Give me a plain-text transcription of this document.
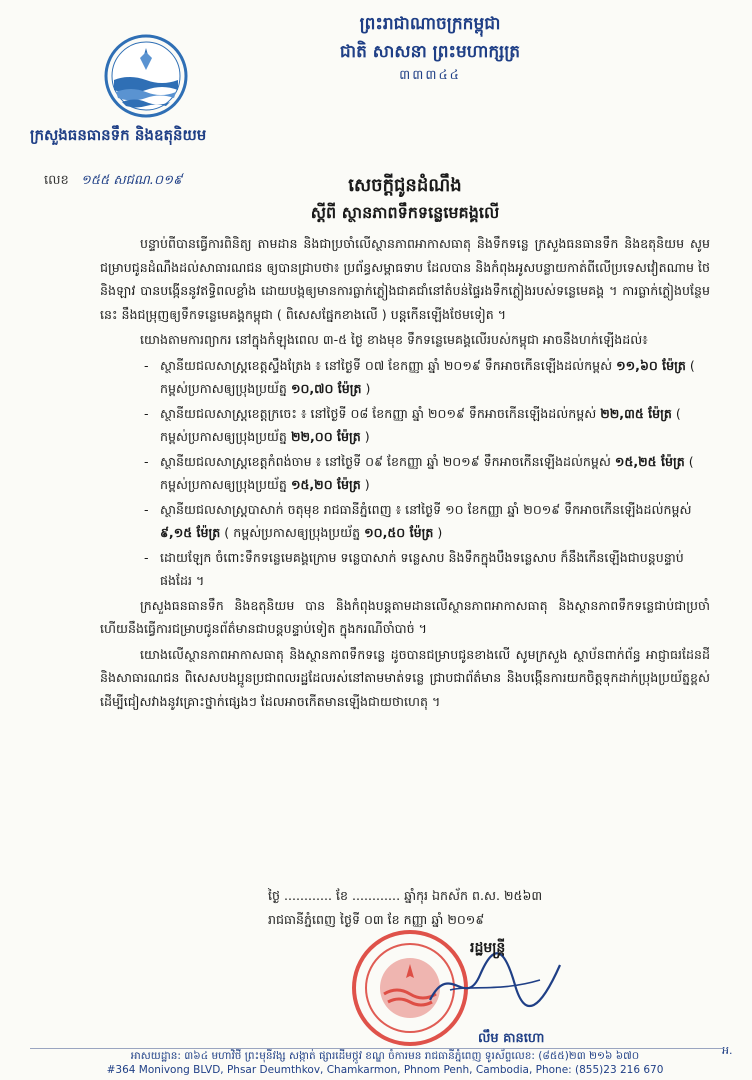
ព្រះរាជាណាចក្រកម្ពុជា
ជាតិ សាសនា ព្រះមហាក្សត្រ
៣៣៣៤៤
ក្រសួងធនធានទឹក និងឧតុនិយម
លេខ ១៥៥ សជណ.០១៩	សេចក្តីជូនដំណឹង
ស្តីពី ស្ថានភាពទឹកទន្លេមេគង្គលើ

បន្ទាប់ពីបានធ្វើការពិនិត្យ តាមដាន និងជាប្រចាំលើស្ថានភាពអាកាសធាតុ និងទឹកទន្លេ ក្រសួងធនធានទឹក និងឧតុនិយម សូមជម្រាបជូនដំណឹងដល់សាធារណជន ឲ្យបានជ្រាបថា៖ ប្រព័ន្ធសម្ពាធទាប ដែលបាន និងកំពុងអូសបន្លាយកាត់ពីលើប្រទេសវៀតណាម ថៃ និងឡាវ បានបង្កើននូវឥទ្ធិពលខ្លាំង ដោយបង្កឲ្យមានការធ្លាក់ភ្លៀងជាគជាំនៅតំបន់ផ្ទៃរងទឹកភ្លៀងរបស់ទន្លេមេគង្គ ។ ការធ្លាក់ភ្លៀងបន្ថែមនេះ នឹងជម្រុញឲ្យទឹកទន្លេមេគង្គកម្ពុជា ( ពិសេសផ្នែកខាងលើ ) បន្តកើនឡើងថែមទៀត ។

យោងតាមការព្យាករ នៅក្នុងកំឡុងពេល ៣-៥ ថ្ងៃ ខាងមុខ ទឹកទន្លេមេគង្គលើរបស់កម្ពុជា អាចនឹងហក់ឡើងដល់៖

- ស្ថានីយជលសាស្ត្រខេត្តស្ទឹងត្រែង ៖ នៅថ្ងៃទី ០៧ ខែកញ្ញា ឆ្នាំ ២០១៩ ទឹកអាចកើនឡើងដល់កម្ពស់ ១១,៦០ ម៉ែត្រ ( កម្ពស់ប្រកាសឲ្យប្រុងប្រយ័ត្ន ១០,៧០ ម៉ែត្រ )
- ស្ថានីយជលសាស្ត្រខេត្តក្រចេះ ៖ នៅថ្ងៃទី ០៨ ខែកញ្ញា ឆ្នាំ ២០១៩ ទឹកអាចកើនឡើងដល់កម្ពស់ ២២,៣៥ ម៉ែត្រ ( កម្ពស់ប្រកាសឲ្យប្រុងប្រយ័ត្ន ២២,០០ ម៉ែត្រ )
- ស្ថានីយជលសាស្ត្រខេត្តកំពង់ចាម ៖ នៅថ្ងៃទី ០៩ ខែកញ្ញា ឆ្នាំ ២០១៩ ទឹកអាចកើនឡើងដល់កម្ពស់ ១៥,២៥ ម៉ែត្រ ( កម្ពស់ប្រកាសឲ្យប្រុងប្រយ័ត្ន ១៥,២០ ម៉ែត្រ )
- ស្ថានីយជលសាស្ត្របាសាក់ ចតុមុខ រាជធានីភ្នំពេញ ៖ នៅថ្ងៃទី ១០ ខែកញ្ញា ឆ្នាំ ២០១៩ ទឹកអាចកើនឡើងដល់កម្ពស់ ៩,១៥ ម៉ែត្រ ( កម្ពស់ប្រកាសឲ្យប្រុងប្រយ័ត្ន ១០,៥០ ម៉ែត្រ )
- ដោយឡែក ចំពោះទឹកទន្លេមេគង្គក្រោម ទន្លេបាសាក់ ទន្លេសាប និងទឹកក្នុងបឹងទន្លេសាប ក៏នឹងកើនឡើងជាបន្តបន្ទាប់ផងដែរ ។

ក្រសួងធនធានទឹក និងឧតុនិយម បាន និងកំពុងបន្តតាមដានលើស្ថានភាពអាកាសធាតុ និងស្ថានភាពទឹកទន្លេជាប់ជាប្រចាំ ហើយនឹងធ្វើការជម្រាបជូនព័ត៌មានជាបន្តបន្ទាប់ទៀត ក្នុងករណីចាំបាច់ ។

យោងលើស្ថានភាពអាកាសធាតុ និងស្ថានភាពទឹកទន្លេ ដូចបានជម្រាបជូនខាងលើ សូមក្រសួង ស្ថាប័នពាក់ព័ន្ធ អាជ្ញាធរដែនដី និងសាធារណជន ពិសេសបងប្អូនប្រជាពលរដ្ឋដែលរស់នៅតាមមាត់ទន្លេ ជ្រាបជាព័ត៌មាន និងបង្កើនការយកចិត្តទុកដាក់ប្រុងប្រយ័ត្នខ្ពស់ ដើម្បីជៀសវាងនូវគ្រោះថ្នាក់ផ្សេងៗ ដែលអាចកើតមានឡើងជាយថាហេតុ ។

ថ្ងៃ ............ ខែ ............ ឆ្នាំកុរ ឯកស័ក ព.ស. ២៥៦៣
រាជធានីភ្នំពេញ ថ្ងៃទី ០៣ ខែ កញ្ញា ឆ្នាំ ២០១៩
រដ្ឋមន្ត្រី
លឹម គានហោ
អ.
អាសយដ្ឋាន: ៣៦៤ មហាវិថី ព្រះមុនីវង្ស សង្កាត់ ផ្សារដើមថ្កូវ ខណ្ឌ ចំការមន រាជធានីភ្នំពេញ ទូរស័ព្ទលេខ: (៨៥៥)២៣ ២១៦ ៦៧០
#364 Monivong BLVD, Phsar Deumthkov, Chamkarmon, Phnom Penh, Cambodia, Phone: (855)23 216 670
